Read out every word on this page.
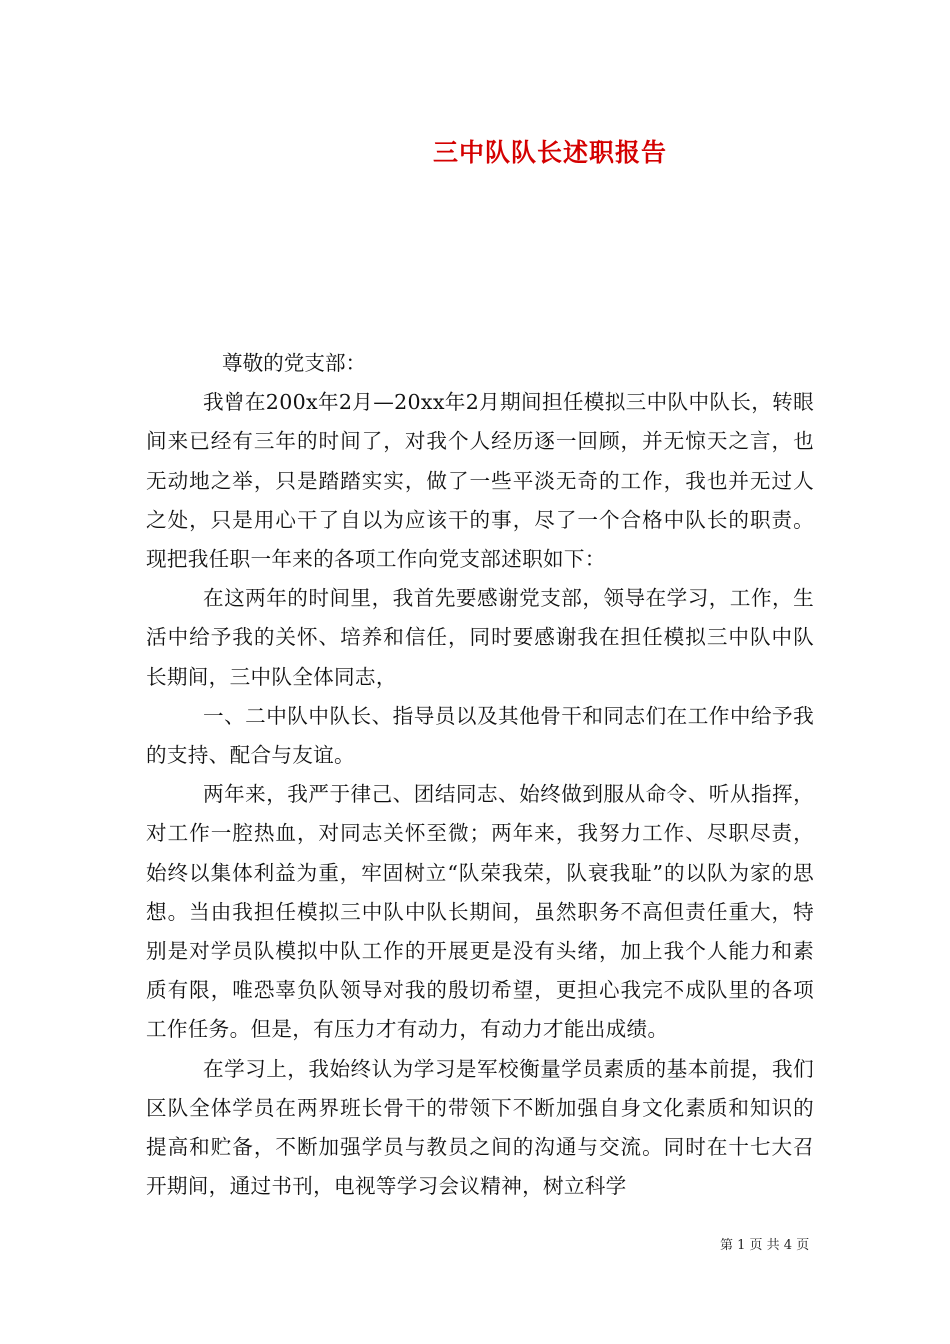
三中队队长述职报告

尊敬的党支部：

我曾在200x年2月—20xx年2月期间担任模拟三中队中队长，转眼间来已经有三年的时间了，对我个人经历逐一回顾，并无惊天之言，也无动地之举，只是踏踏实实，做了一些平淡无奇的工作，我也并无过人之处，只是用心干了自以为应该干的事，尽了一个合格中队长的职责。现把我任职一年来的各项工作向党支部述职如下：

在这两年的时间里，我首先要感谢党支部，领导在学习，工作，生活中给予我的关怀、培养和信任，同时要感谢我在担任模拟三中队中队长期间，三中队全体同志，

一、二中队中队长、指导员以及其他骨干和同志们在工作中给予我的支持、配合与友谊。

两年来，我严于律己、团结同志、始终做到服从命令、听从指挥，对工作一腔热血，对同志关怀至微；两年来，我努力工作、尽职尽责，始终以集体利益为重，牢固树立“队荣我荣，队衰我耻”的以队为家的思想。当由我担任模拟三中队中队长期间，虽然职务不高但责任重大，特别是对学员队模拟中队工作的开展更是没有头绪，加上我个人能力和素质有限，唯恐辜负队领导对我的殷切希望，更担心我完不成队里的各项工作任务。但是，有压力才有动力，有动力才能出成绩。

在学习上，我始终认为学习是军校衡量学员素质的基本前提，我们区队全体学员在两界班长骨干的带领下不断加强自身文化素质和知识的提高和贮备，不断加强学员与教员之间的沟通与交流。同时在十七大召开期间，通过书刊，电视等学习会议精神，树立科学

第 1 页 共 4 页
